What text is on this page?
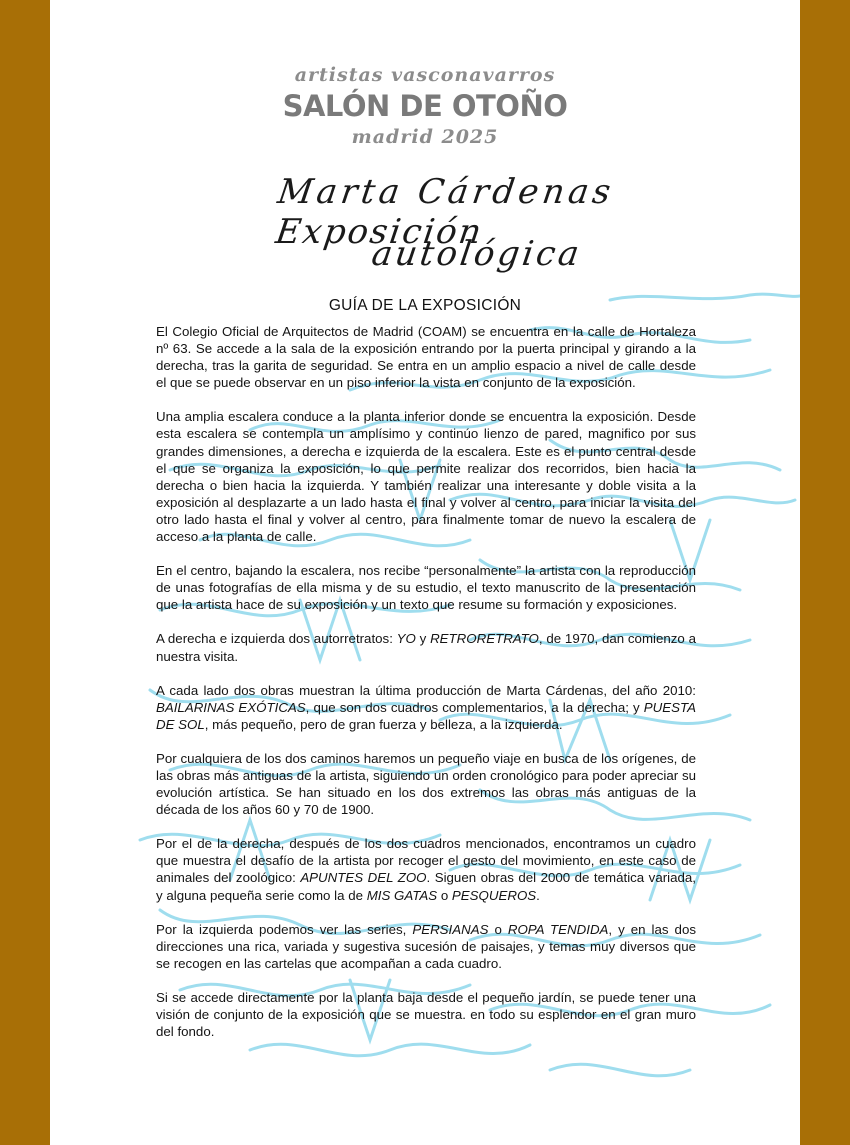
artistas vasconavarros
SALÓN DE OTOÑO
madrid 2025
Marta Cárdenas
Exposición
autológica
GUÍA DE LA EXPOSICIÓN

El Colegio Oficial de Arquitectos de Madrid (COAM) se encuentra en la calle de Hortaleza nº 63. Se accede a la sala de la exposición entrando por la puerta principal y girando a la derecha, tras la garita de seguridad. Se entra en un amplio espacio a nivel de calle desde el que se puede observar en un piso inferior la vista en conjunto de la exposición.

Una amplia escalera conduce a la planta inferior donde se encuentra la exposición. Desde esta escalera se contempla un amplísimo y continúo lienzo de pared, magnifico por sus grandes dimensiones, a derecha e izquierda de la escalera. Este es el punto central desde el que se organiza la exposición, lo que permite realizar dos recorridos, bien hacia la derecha o bien hacia la izquierda. Y también realizar una interesante y doble visita a la exposición al desplazarte a un lado hasta el final y volver al centro, para iniciar la visita del otro lado hasta el final y volver al centro, para finalmente tomar de nuevo la escalera de acceso a la planta de calle.

En el centro, bajando la escalera, nos recibe “personalmente” la artista con la reproducción de unas fotografías de ella misma y de su estudio, el texto manuscrito de la presentación que la artista hace de su exposición y un texto que resume su formación y exposiciones.

A derecha e izquierda dos autorretratos: YO y RETRORETRATO, de 1970, dan comienzo a nuestra visita.

A cada lado dos obras muestran la última producción de Marta Cárdenas, del año 2010: BAILARINAS EXÓTICAS, que son dos cuadros complementarios, a la derecha; y PUESTA DE SOL, más pequeño, pero de gran fuerza y belleza, a la izquierda.

Por cualquiera de los dos caminos haremos un pequeño viaje en busca de los orígenes, de las obras más antiguas de la artista, siguiendo un orden cronológico para poder apreciar su evolución artística. Se han situado en los dos extremos las obras más antiguas de la década de los años 60 y 70 de 1900.

Por el de la derecha, después de los dos cuadros mencionados, encontramos un cuadro que muestra el desafío de la artista por recoger el gesto del movimiento, en este caso de animales del zoológico: APUNTES DEL ZOO. Siguen obras del 2000 de temática variada, y alguna pequeña serie como la de MIS GATAS o PESQUEROS.

Por la izquierda podemos ver las series, PERSIANAS o ROPA TENDIDA, y en las dos direcciones una rica, variada y sugestiva sucesión de paisajes, y temas muy diversos que se recogen en las cartelas que acompañan a cada cuadro.

Si se accede directamente por la planta baja desde el pequeño jardín, se puede tener una visión de conjunto de la exposición que se muestra. en todo su esplendor en el gran muro del fondo.
